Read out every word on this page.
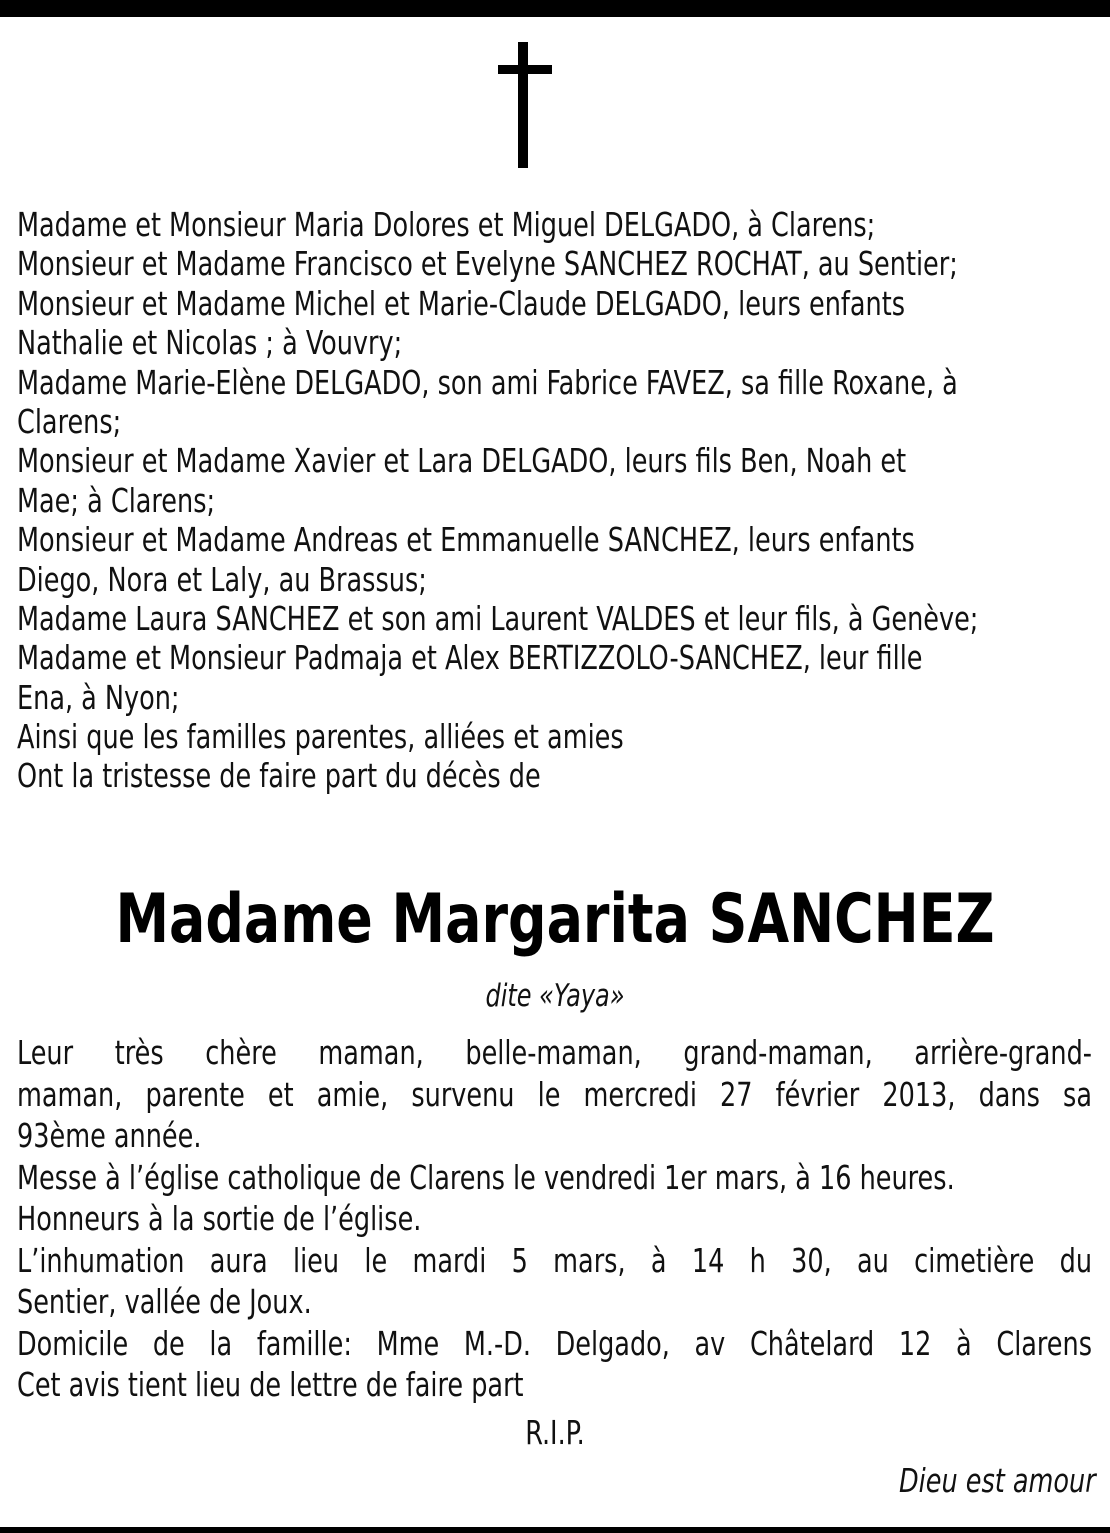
Madame et Monsieur Maria Dolores et Miguel DELGADO, à Clarens;
Monsieur et Madame Francisco et Evelyne SANCHEZ ROCHAT, au Sentier;
Monsieur et Madame Michel et Marie-Claude DELGADO, leurs enfants
Nathalie et Nicolas ; à Vouvry;
Madame Marie-Elène DELGADO, son ami Fabrice FAVEZ, sa fille Roxane, à
Clarens;
Monsieur et Madame Xavier et Lara DELGADO, leurs fils Ben, Noah et
Mae; à Clarens;
Monsieur et Madame Andreas et Emmanuelle SANCHEZ, leurs enfants
Diego, Nora et Laly, au Brassus;
Madame Laura SANCHEZ et son ami Laurent VALDES et leur fils, à Genève;
Madame et Monsieur Padmaja et Alex BERTIZZOLO-SANCHEZ, leur fille
Ena, à Nyon;
Ainsi que les familles parentes, alliées et amies
Ont la tristesse de faire part du décès de
Madame Margarita SANCHEZ
dite «Yaya»
Leur très chère maman, belle-maman, grand-maman, arrière-grand-
maman, parente et amie, survenu le mercredi 27 février 2013, dans sa
93ème année.
Messe à l’église catholique de Clarens le vendredi 1er mars, à 16 heures.
Honneurs à la sortie de l’église.
L’inhumation aura lieu le mardi 5 mars, à 14 h 30, au cimetière du
Sentier, vallée de Joux.
Domicile de la famille: Mme M.-D. Delgado, av Châtelard 12 à Clarens
Cet avis tient lieu de lettre de faire part
R.I.P.
Dieu est amour
